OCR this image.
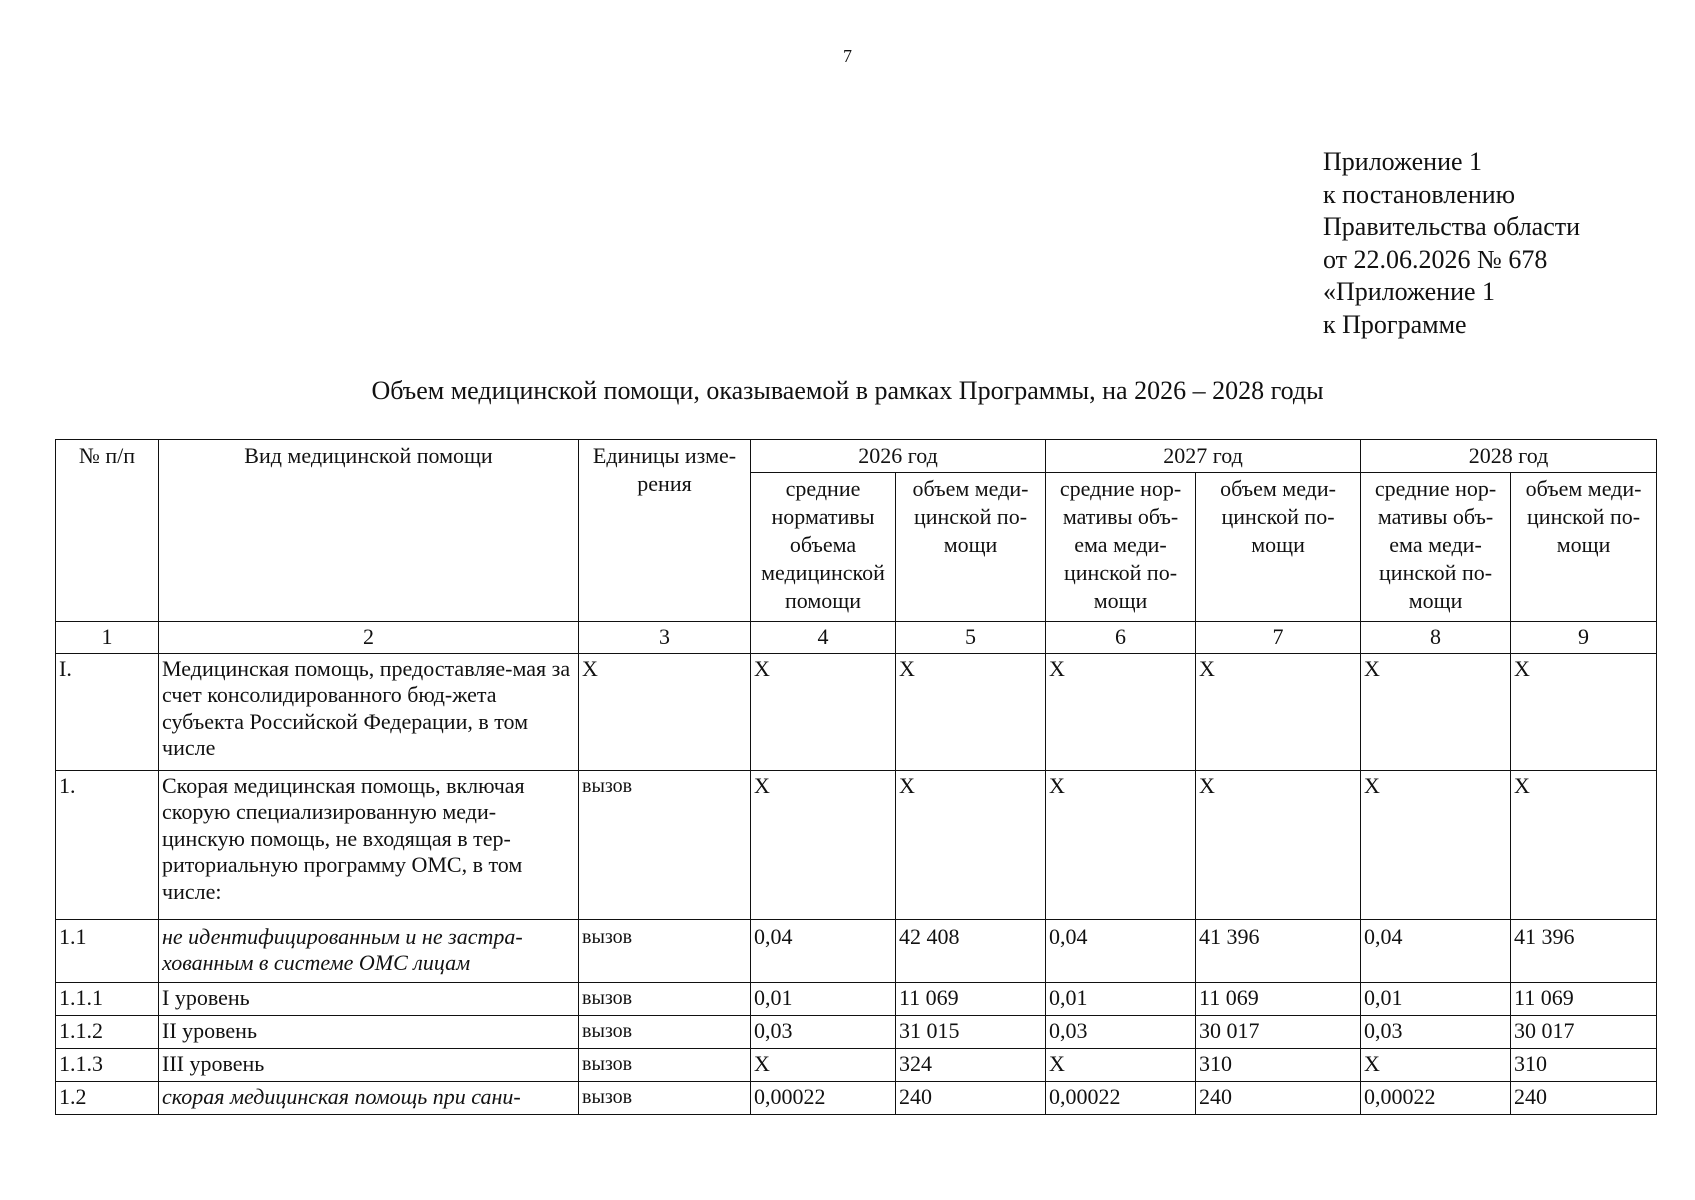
7
Приложение 1
к постановлению
Правительства области
от 22.06.2026 № 678
«Приложение 1
к Программе
Объем медицинской помощи, оказываемой в рамках Программы, на 2026 – 2028 годы
№ п/п	Вид медицинской помощи	Единицы изме-рения	2026 год		2027 год		2028 год	
			средние нормативы объема медицинской помощи	объем меди-цинской по-мощи	средние нор-мативы объ-ема меди-цинской по-мощи	объем меди-цинской по-мощи	средние нор-мативы объ-ема меди-цинской по-мощи	объем меди-цинской по-мощи
1	2	3	4	5	6	7	8	9
I.	Медицинская помощь, предоставляе-мая за счет консолидированного бюд-жета субъекта Российской Федерации, в том числе	Х	Х	Х	Х	Х	Х	Х
1.	Скорая медицинская помощь, включая скорую специализированную меди-цинскую помощь, не входящая в тер-риториальную программу ОМС, в том числе:	вызов	Х	Х	Х	Х	Х	Х
1.1	не идентифицированным и не застра-хованным в системе ОМС лицам	вызов	0,04	42 408	0,04	41 396	0,04	41 396
1.1.1	I уровень	вызов	0,01	11 069	0,01	11 069	0,01	11 069
1.1.2	II уровень	вызов	0,03	31 015	0,03	30 017	0,03	30 017
1.1.3	III уровень	вызов	Х	324	Х	310	Х	310
1.2	скорая медицинская помощь при сани-	вызов	0,00022	240	0,00022	240	0,00022	240
